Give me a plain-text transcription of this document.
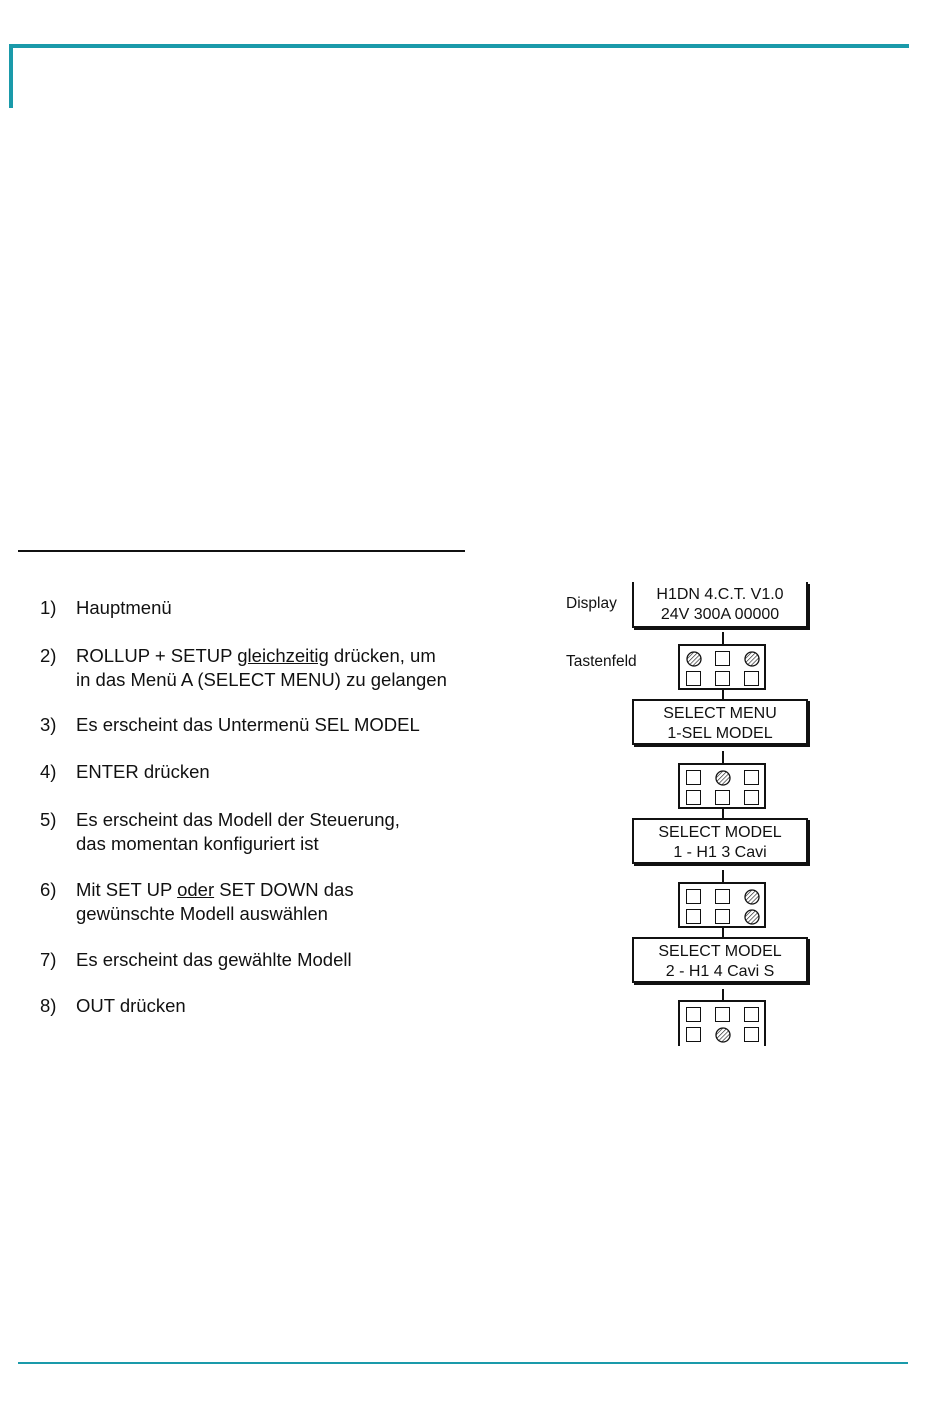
1)	Hauptmenü
2)	ROLLUP + SETUP gleichzeitig drücken, um
in das Menü A (SELECT MENU) zu gelangen
3)	Es erscheint das Untermenü SEL MODEL
4)	ENTER drücken
5)	Es erscheint das Modell der Steuerung,
das momentan konfiguriert ist
6)	Mit SET UP oder SET DOWN das
gewünschte Modell auswählen
7)	Es erscheint das gewählte Modell
8)	OUT drücken
Display
Tastenfeld
H1DN 4.C.T. V1.0
24V 300A 00000
SELECT MENU
1-SEL MODEL
SELECT MODEL
1 - H1 3 Cavi
SELECT MODEL
2 - H1 4 Cavi S
